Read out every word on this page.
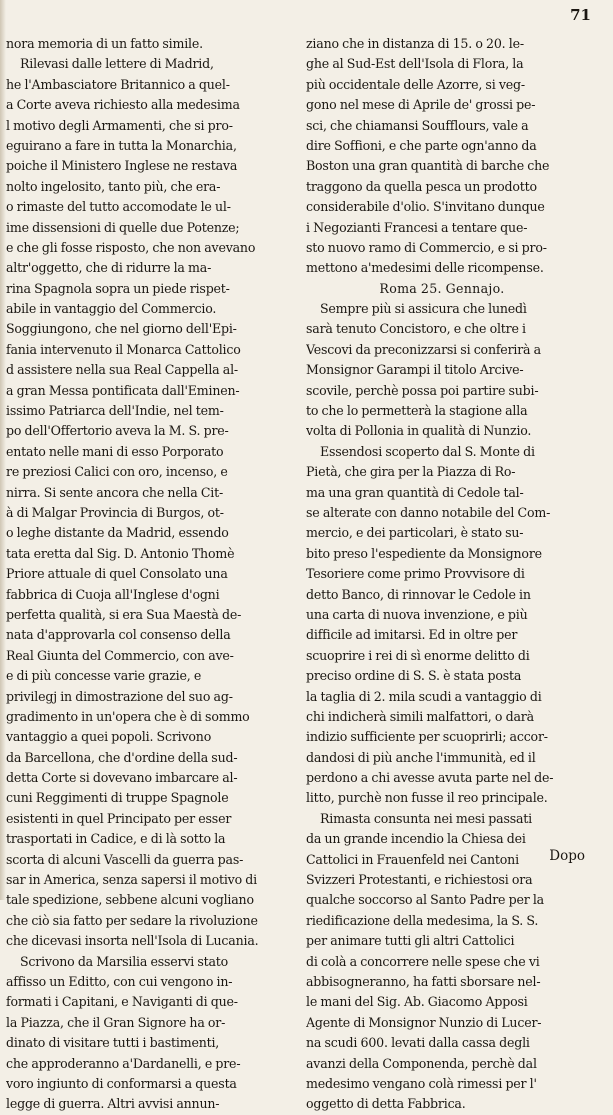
71
nora memoria di un fatto simile.
Rilevasi dalle lettere di Madrid,
he l'Ambasciatore Britannico a quel-
a Corte aveva richiesto alla medesima
l motivo degli Armamenti, che si pro-
eguirano a fare in tutta la Monarchia,
poiche il Ministero Inglese ne restava
nolto ingelosito, tanto più, che era-
o rimaste del tutto accomodate le ul-
ime dissensioni di quelle due Potenze;
e che gli fosse risposto, che non avevano
altr'oggetto, che di ridurre la ma-
rina Spagnola sopra un piede rispet-
abile in vantaggio del Commercio.
Soggiungono, che nel giorno dell'Epi-
fania intervenuto il Monarca Cattolico
d assistere nella sua Real Cappella al-
a gran Messa pontificata dall'Eminen-
issimo Patriarca dell'Indie, nel tem-
po dell'Offertorio aveva la M. S. pre-
entato nelle mani di esso Porporato
re preziosi Calici con oro, incenso, e
nirra. Si sente ancora che nella Cit-
à di Malgar Provincia di Burgos, ot-
o leghe distante da Madrid, essendo
tata eretta dal Sig. D. Antonio Thomè
Priore attuale di quel Consolato una
fabbrica di Cuoja all'Inglese d'ogni
perfetta qualità, si era Sua Maestà de-
nata d'approvarla col consenso della
Real Giunta del Commercio, con ave-
e di più concesse varie grazie, e
privilegj in dimostrazione del suo ag-
gradimento in un'opera che è di sommo
vantaggio a quei popoli. Scrivono
da Barcellona, che d'ordine della sud-
detta Corte si dovevano imbarcare al-
cuni Reggimenti di truppe Spagnole
esistenti in quel Principato per esser
trasportati in Cadice, e di là sotto la
scorta di alcuni Vascelli da guerra pas-
sar in America, senza sapersi il motivo di
tale spedizione, sebbene alcuni vogliano
che ciò sia fatto per sedare la rivoluzione
che dicevasi insorta nell'Isola di Lucania.
Scrivono da Marsilia esservi stato
affisso un Editto, con cui vengono in-
formati i Capitani, e Naviganti di que-
la Piazza, che il Gran Signore ha or-
dinato di visitare tutti i bastimenti,
che approderanno a'Dardanelli, e pre-
voro ingiunto di conformarsi a questa
legge di guerra. Altri avvisi annun-
ziano che in distanza di 15. o 20. le-
ghe al Sud-Est dell'Isola di Flora, la
più occidentale delle Azorre, si veg-
gono nel mese di Aprile de' grossi pe-
sci, che chiamansi Soufflours, vale a
dire Soffioni, e che parte ogn'anno da
Boston una gran quantità di barche che
traggono da quella pesca un prodotto
considerabile d'olio. S'invitano dunque
i Negozianti Francesi a tentare que-
sto nuovo ramo di Commercio, e si pro-
mettono a'medesimi delle ricompense.
Roma 25. Gennajo.
Sempre più si assicura che lunedì
sarà tenuto Concistoro, e che oltre i
Vescovi da preconizzarsi si conferirà a
Monsignor Garampi il titolo Arcive-
scovile, perchè possa poi partire subi-
to che lo permetterà la stagione alla
volta di Pollonia in qualità di Nunzio.
Essendosi scoperto dal S. Monte di
Pietà, che gira per la Piazza di Ro-
ma una gran quantità di Cedole tal-
se alterate con danno notabile del Com-
mercio, e dei particolari, è stato su-
bito preso l'espediente da Monsignore
Tesoriere come primo Provvisore di
detto Banco, di rinnovar le Cedole in
una carta di nuova invenzione, e più
difficile ad imitarsi. Ed in oltre per
scuoprire i rei di sì enorme delitto di
preciso ordine di S. S. è stata posta
la taglia di 2. mila scudi a vantaggio di
chi indicherà simili malfattori, o darà
indizio sufficiente per scuoprirli; accor-
dandosi di più anche l'immunità, ed il
perdono a chi avesse avuta parte nel de-
litto, purchè non fusse il reo principale.
Rimasta consunta nei mesi passati
da un grande incendio la Chiesa dei
Cattolici in Frauenfeld nei Cantoni
Svizzeri Protestanti, e richiestosi ora
qualche soccorso al Santo Padre per la
riedificazione della medesima, la S. S.
per animare tutti gli altri Cattolici
di colà a concorrere nelle spese che vi
abbisogneranno, ha fatti sborsare nel-
le mani del Sig. Ab. Giacomo Apposi
Agente di Monsignor Nunzio di Lucer-
na scudi 600. levati dalla cassa degli
avanzi della Componenda, perchè dal
medesimo vengano colà rimessi per l'
oggetto di detta Fabbrica.
Dopo
